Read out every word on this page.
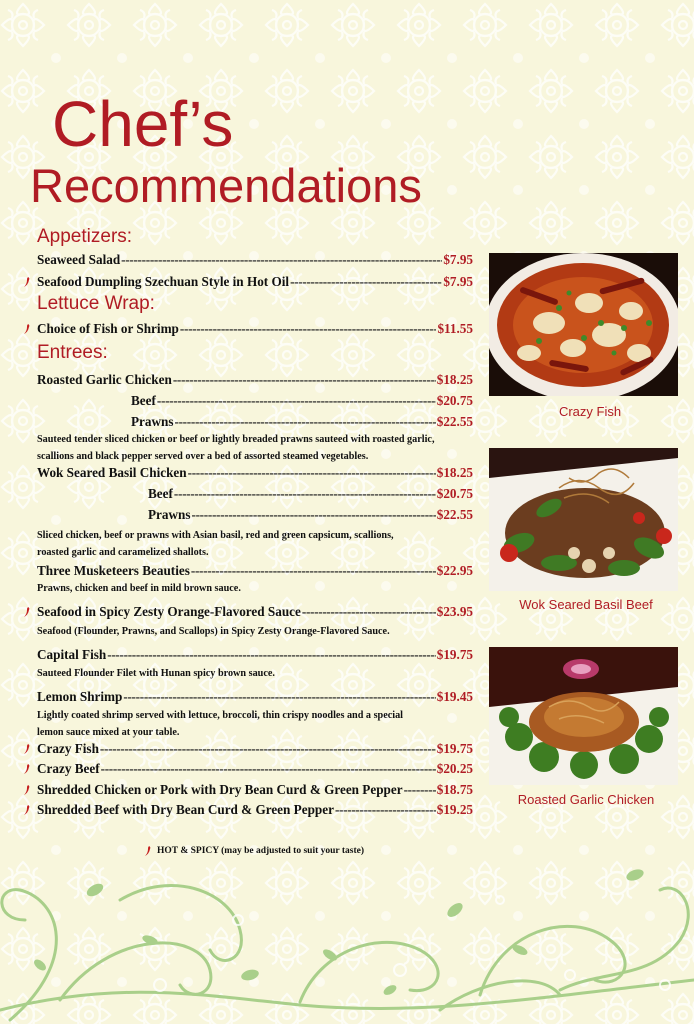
Chef’s
Recommendations
Appetizers:
Seaweed Salad -----	$7.95
Seafood Dumpling Szechuan Style in Hot Oil -----	$7.95
Lettuce Wrap:
Choice of Fish or Shrimp -----	$11.55
Entrees:
Roasted Garlic Chicken -----	$18.25
Beef -----	$20.75
Prawns -----	$22.55
Sauteed tender sliced chicken or beef or lightly breaded prawns sauteed with roasted garlic, scallions and black pepper served over a bed of assorted steamed vegetables.
Wok Seared Basil Chicken -----	$18.25
Beef -----	$20.75
Prawns -----	$22.55
Sliced chicken, beef or prawns with Asian basil, red and green capsicum, scallions, roasted garlic and caramelized shallots.
Three Musketeers Beauties -----	$22.95
Prawns, chicken and beef in mild brown sauce.
Seafood in Spicy Zesty Orange-Flavored Sauce -----	$23.95
Seafood (Flounder, Prawns, and Scallops) in Spicy Zesty Orange-Flavored Sauce.
Capital Fish -----	$19.75
Sauteed Flounder Filet with Hunan spicy brown sauce.
Lemon Shrimp -----	$19.45
Lightly coated shrimp served with lettuce, broccoli, thin crispy noodles and a special lemon sauce mixed at your table.
Crazy Fish -----	$19.75
Crazy Beef -----	$20.25
Shredded Chicken or Pork with Dry Bean Curd & Green Pepper -----	$18.75
Shredded Beef with Dry Bean Curd & Green Pepper -----	$19.25
Crazy Fish
Wok Seared Basil Beef
Roasted Garlic Chicken
HOT & SPICY (may be adjusted to suit your taste)
